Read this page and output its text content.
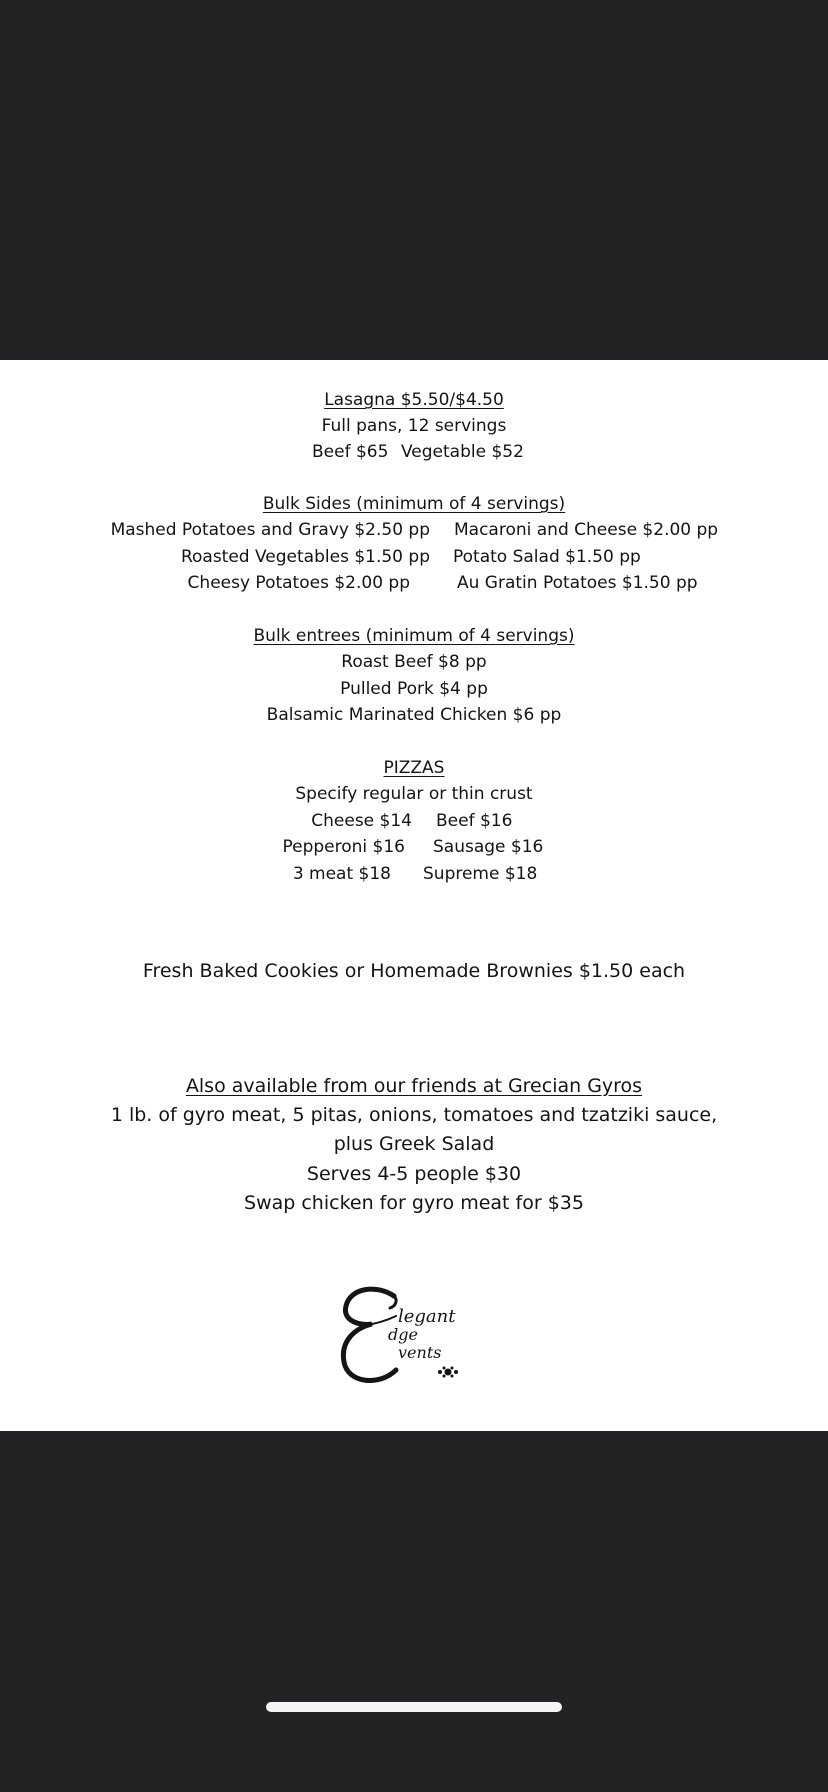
Lasagna $5.50/$4.50
Full pans, 12 servings
Beef $65 Vegetable $52
Bulk Sides (minimum of 4 servings)
Mashed Potatoes and Gravy $2.50 pp Macaroni and Cheese $2.00 pp
Roasted Vegetables $1.50 pp Potato Salad $1.50 pp
Cheesy Potatoes $2.00 pp	Au Gratin Potatoes $1.50 pp
Bulk entrees (minimum of 4 servings)
Roast Beef $8 pp
Pulled Pork $4 pp
Balsamic Marinated Chicken $6 pp
PIZZAS
Specify regular or thin crust
Cheese $14 Beef $16
Pepperoni $16 Sausage $16
3 meat $18 Supreme $18
Fresh Baked Cookies or Homemade Brownies $1.50 each
Also available from our friends at Grecian Gyros
1 lb. of gyro meat, 5 pitas, onions, tomatoes and tzatziki sauce,
plus Greek Salad
Serves 4-5 people $30
Swap chicken for gyro meat for $35
legant
dge
vents
